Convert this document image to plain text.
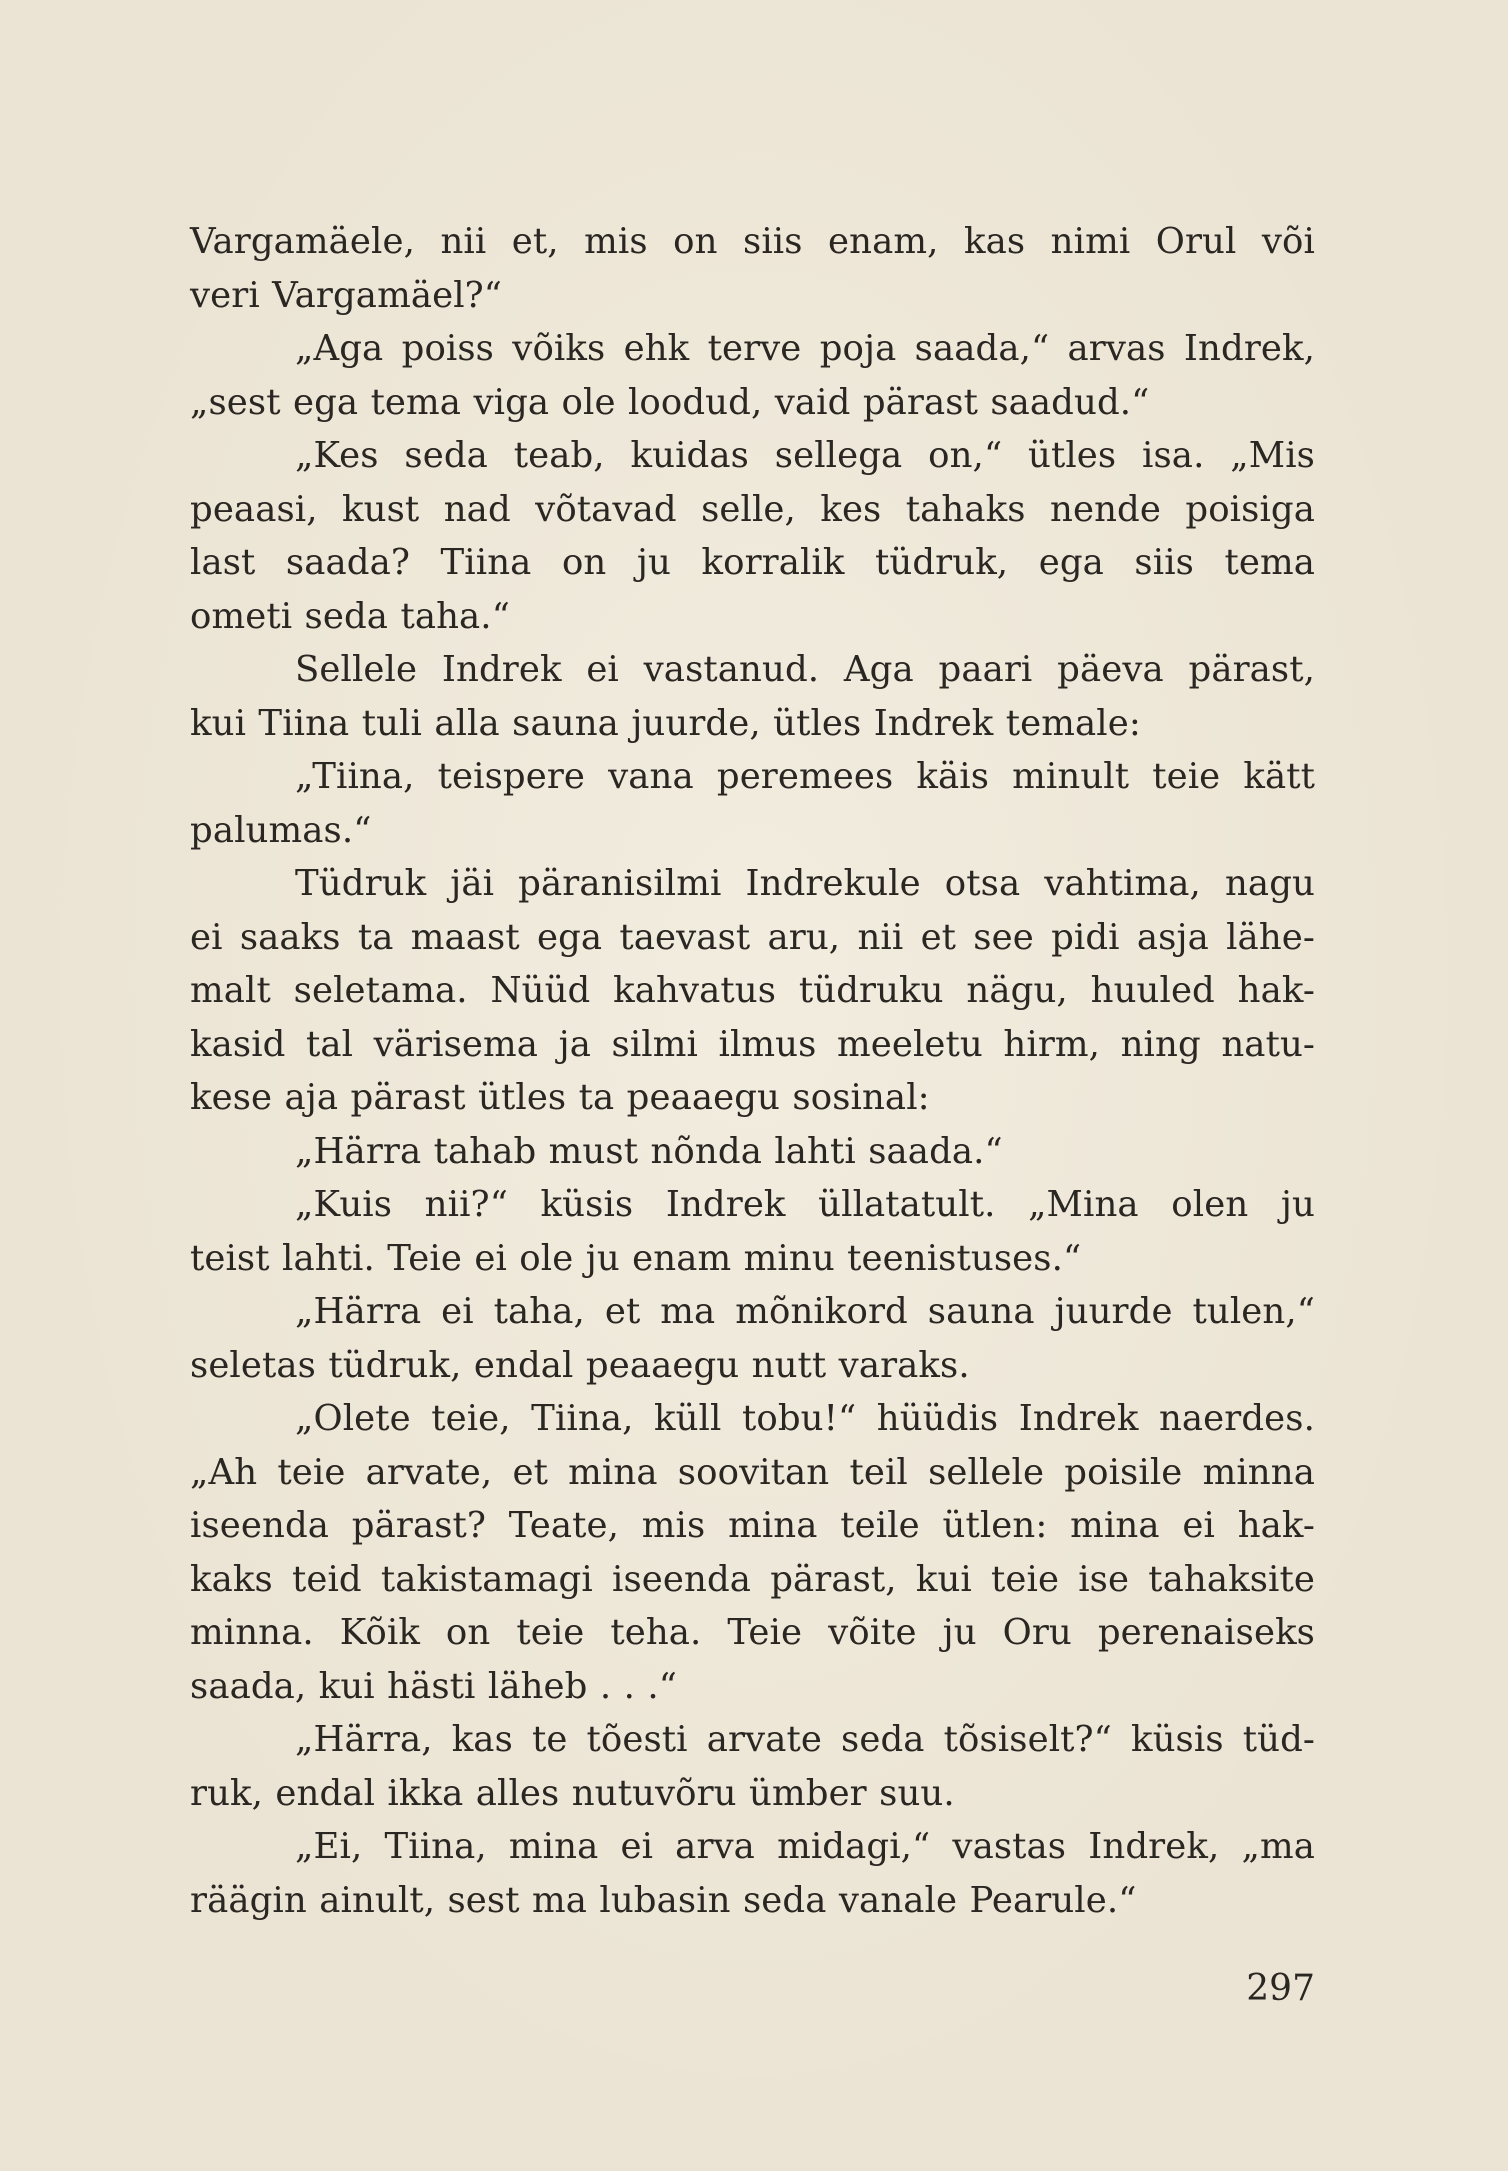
Vargamäele, nii et, mis on siis enam, kas nimi Orul või
veri Vargamäel?“
„Aga poiss võiks ehk terve poja saada,“ arvas Indrek,
„sest ega tema viga ole loodud, vaid pärast saadud.“
„Kes seda teab, kuidas sellega on,“ ütles isa. „Mis
peaasi, kust nad võtavad selle, kes tahaks nende poisiga
last saada? Tiina on ju korralik tüdruk, ega siis tema
ometi seda taha.“
Sellele Indrek ei vastanud. Aga paari päeva pärast,
kui Tiina tuli alla sauna juurde, ütles Indrek temale:
„Tiina, teispere vana peremees käis minult teie kätt
palumas.“
Tüdruk jäi päranisilmi Indrekule otsa vahtima, nagu
ei saaks ta maast ega taevast aru, nii et see pidi asja lähe-
malt seletama. Nüüd kahvatus tüdruku nägu, huuled hak-
kasid tal värisema ja silmi ilmus meeletu hirm, ning natu-
kese aja pärast ütles ta peaaegu sosinal:
„Härra tahab must nõnda lahti saada.“
„Kuis nii?“ küsis Indrek üllatatult. „Mina olen ju
teist lahti. Teie ei ole ju enam minu teenistuses.“
„Härra ei taha, et ma mõnikord sauna juurde tulen,“
seletas tüdruk, endal peaaegu nutt varaks.
„Olete teie, Tiina, küll tobu!“ hüüdis Indrek naerdes.
„Ah teie arvate, et mina soovitan teil sellele poisile minna
iseenda pärast? Teate, mis mina teile ütlen: mina ei hak-
kaks teid takistamagi iseenda pärast, kui teie ise tahaksite
minna. Kõik on teie teha. Teie võite ju Oru perenaiseks
saada, kui hästi läheb . . .“
„Härra, kas te tõesti arvate seda tõsiselt?“ küsis tüd-
ruk, endal ikka alles nutuvõru ümber suu.
„Ei, Tiina, mina ei arva midagi,“ vastas Indrek, „ma
räägin ainult, sest ma lubasin seda vanale Pearule.“
297
